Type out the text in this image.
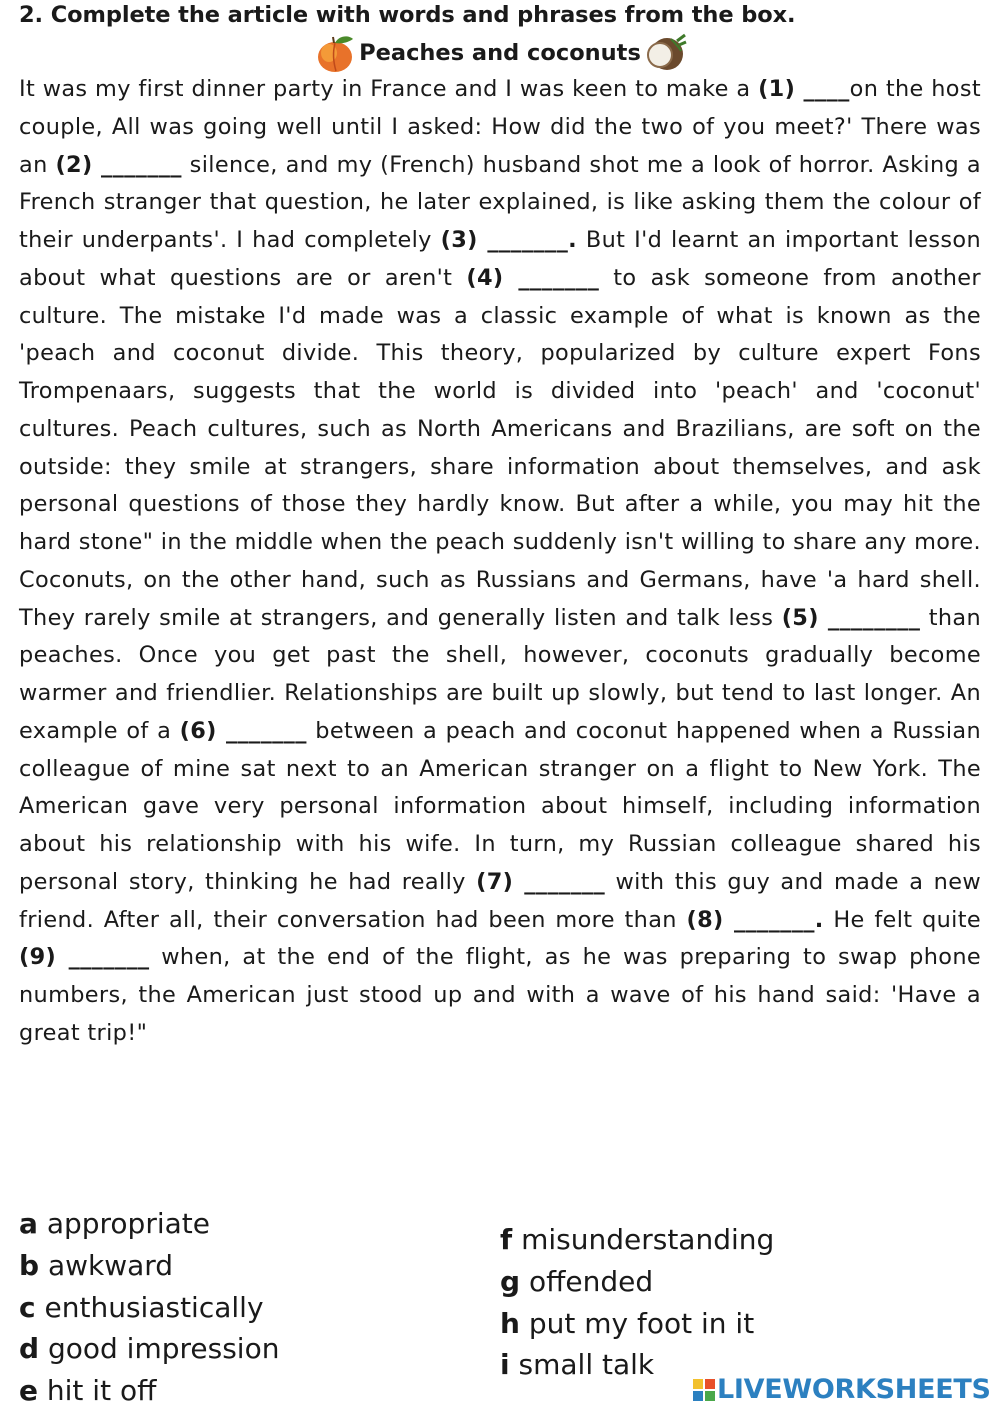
2. Complete the article with words and phrases from the box.
Peaches and coconuts

It was my first dinner party in France and I was keen to make a (1) ____on the host couple, All was going well until I asked: How did the two of you meet?' There was an (2) _______ silence, and my (French) husband shot me a look of horror. Asking a French stranger that question, he later explained, is like asking them the colour of their underpants'. I had completely (3) _______. But I'd learnt an important lesson about what questions are or aren't (4) _______ to ask someone from another culture. The mistake I'd made was a classic example of what is known as the 'peach and coconut divide. This theory, popularized by culture expert Fons Trompenaars, suggests that the world is divided into 'peach' and 'coconut' cultures. Peach cultures, such as North Americans and Brazilians, are soft on the outside: they smile at strangers, share information about themselves, and ask personal questions of those they hardly know. But after a while, you may hit the hard stone" in the middle when the peach suddenly isn't willing to share any more. Coconuts, on the other hand, such as Russians and Germans, have 'a hard shell. They rarely smile at strangers, and generally listen and talk less (5) ________ than peaches. Once you get past the shell, however, coconuts gradually become warmer and friendlier. Relationships are built up slowly, but tend to last longer. An example of a (6) _______ between a peach and coconut happened when a Russian colleague of mine sat next to an American stranger on a flight to New York. The American gave very personal information about himself, including information about his relationship with his wife. In turn, my Russian colleague shared his personal story, thinking he had really (7) _______ with this guy and made a new friend. After all, their conversation had been more than (8) _______. He felt quite (9) _______ when, at the end of the flight, as he was preparing to swap phone numbers, the American just stood up and with a wave of his hand said: 'Have a great trip!"

a appropriate
b awkward
c enthusiastically
d good impression
e hit it off
f misunderstanding
g offended
h put my foot in it
i small talk
LIVEWORKSHEETS
